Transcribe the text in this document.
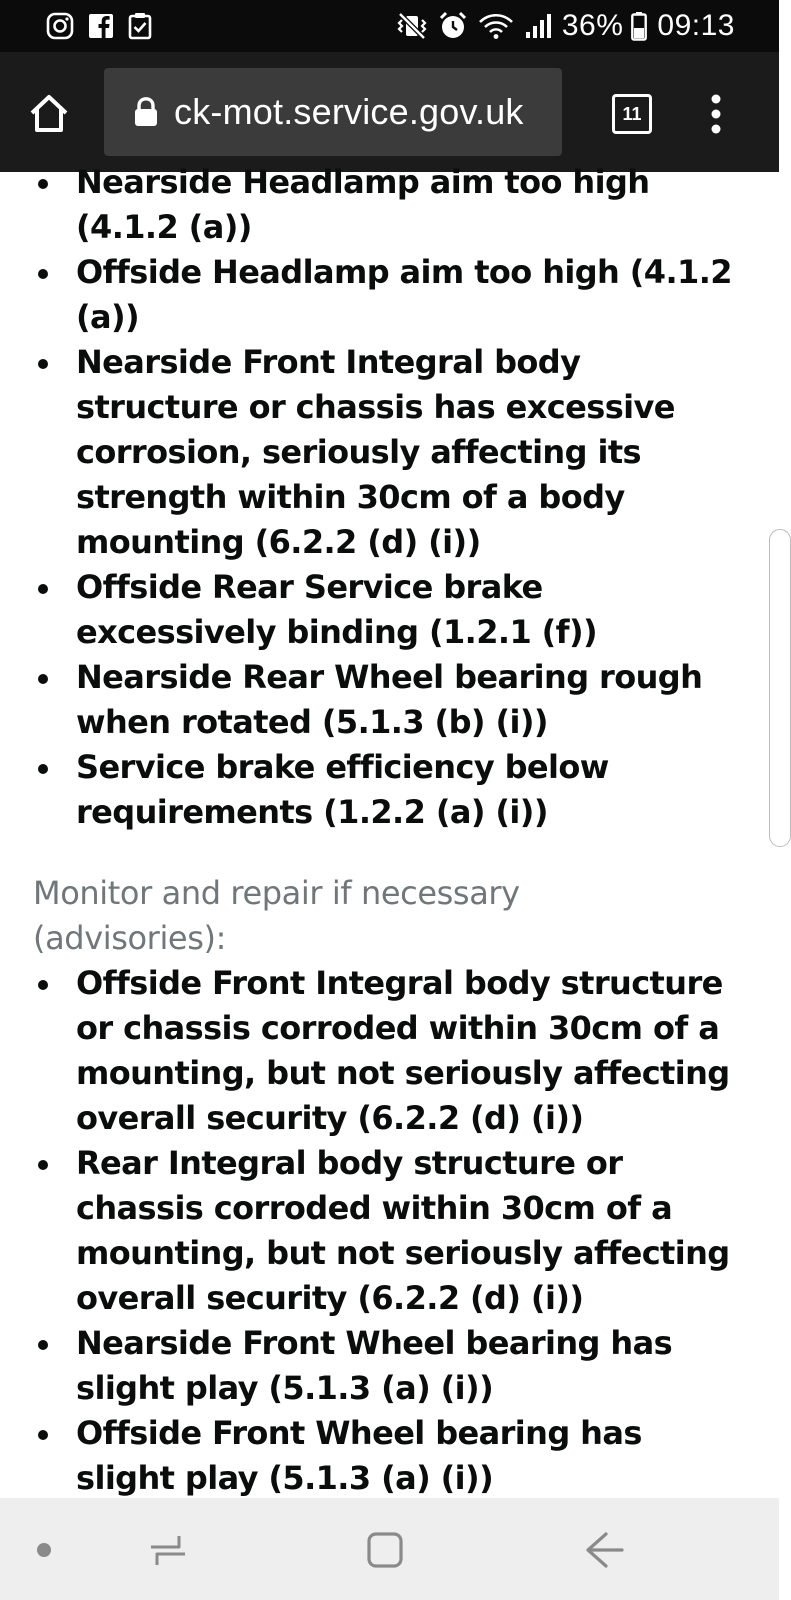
36% 09:13
ck-mot.service.gov.uk	11
Nearside Headlamp aim too high (4.1.2 (a))
Offside Headlamp aim too high (4.1.2 (a))
Nearside Front Integral body structure or chassis has excessive corrosion, seriously affecting its strength within 30cm of a body mounting (6.2.2 (d) (i))
Offside Rear Service brake excessively binding (1.2.1 (f))
Nearside Rear Wheel bearing rough when rotated (5.1.3 (b) (i))
Service brake efficiency below requirements (1.2.2 (a) (i))
Monitor and repair if necessary (advisories):
Offside Front Integral body structure or chassis corroded within 30cm of a mounting, but not seriously affecting overall security (6.2.2 (d) (i))
Rear Integral body structure or chassis corroded within 30cm of a mounting, but not seriously affecting overall security (6.2.2 (d) (i))
Nearside Front Wheel bearing has slight play (5.1.3 (a) (i))
Offside Front Wheel bearing has slight play (5.1.3 (a) (i))
